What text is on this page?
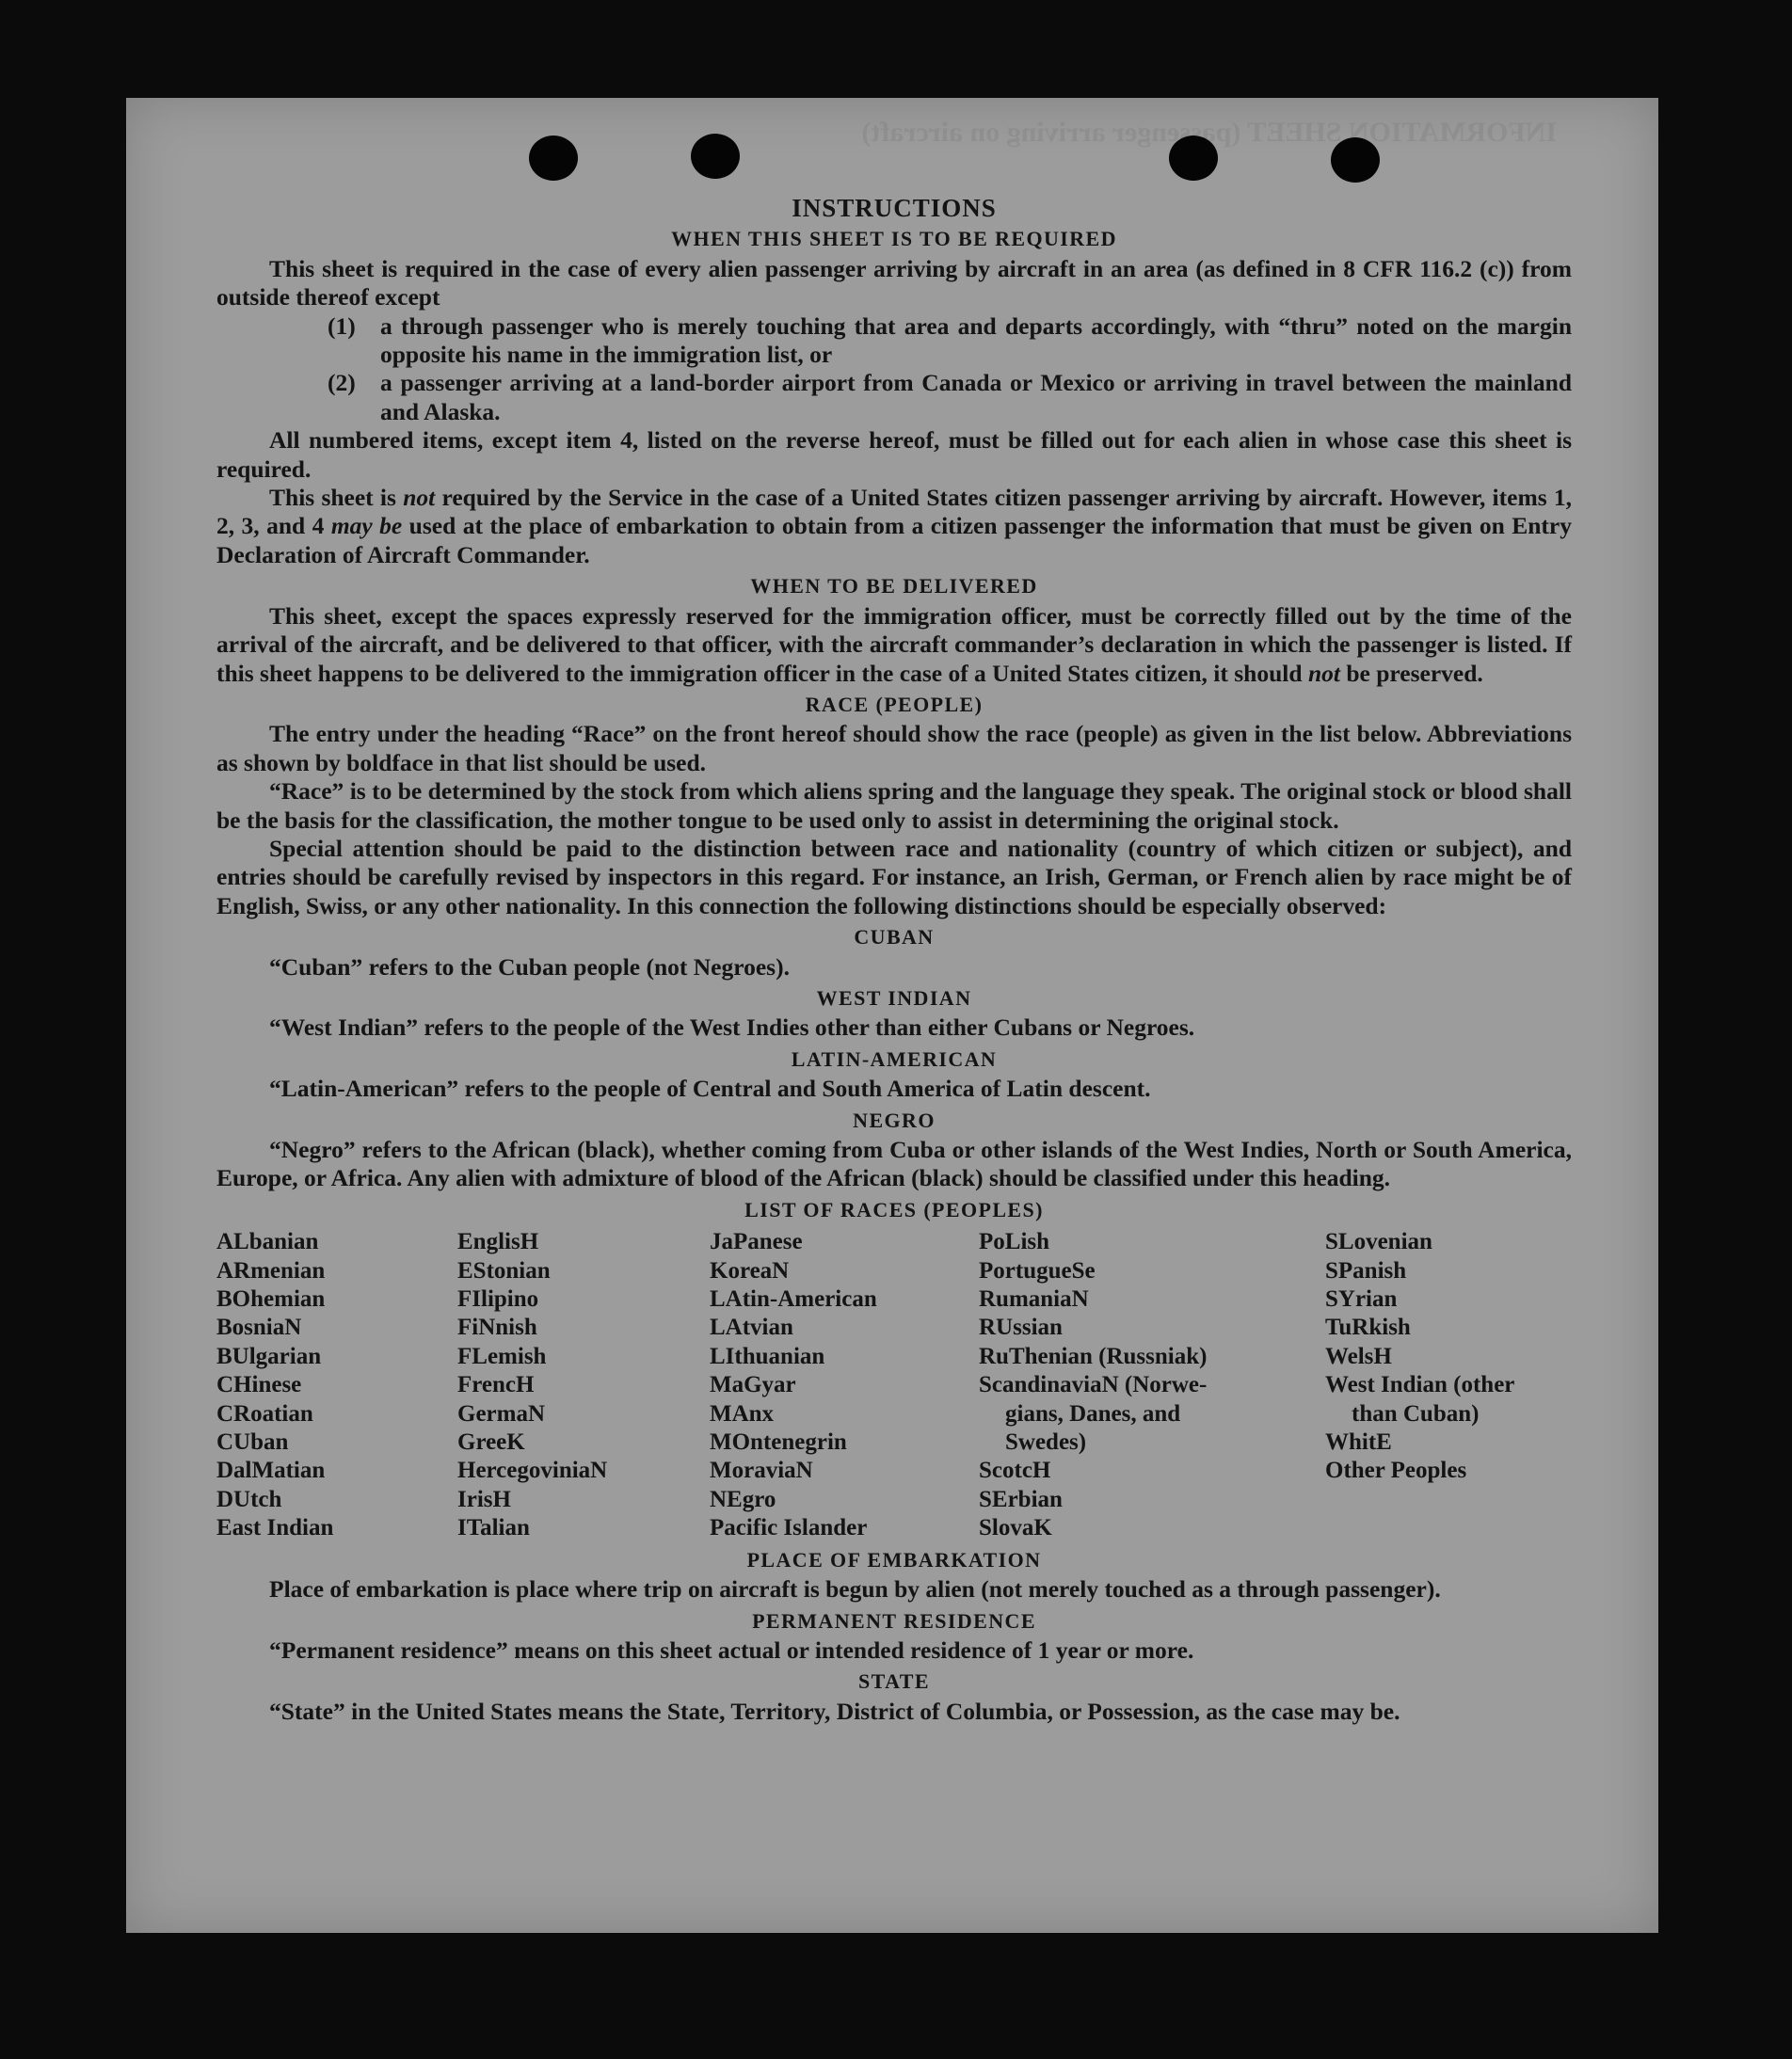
INFORMATION SHEET (passenger arriving on aircraft)
INSTRUCTIONS
WHEN THIS SHEET IS TO BE REQUIRED

This sheet is required in the case of every alien passenger arriving by aircraft in an area (as defined in 8 CFR 116.2 (c)) from outside thereof except

(1)	a through passenger who is merely touching that area and departs accordingly, with “thru” noted on the margin opposite his name in the immigration list, or
(2)	a passenger arriving at a land-border airport from Canada or Mexico or arriving in travel between the mainland and Alaska.

All numbered items, except item 4, listed on the reverse hereof, must be filled out for each alien in whose case this sheet is required.

This sheet is not required by the Service in the case of a United States citizen passenger arriving by aircraft. However, items 1, 2, 3, and 4 may be used at the place of embarkation to obtain from a citizen passenger the information that must be given on Entry Declaration of Aircraft Commander.

WHEN TO BE DELIVERED

This sheet, except the spaces expressly reserved for the immigration officer, must be correctly filled out by the time of the arrival of the aircraft, and be delivered to that officer, with the aircraft commander’s declaration in which the passenger is listed. If this sheet happens to be delivered to the immigration officer in the case of a United States citizen, it should not be preserved.

RACE (PEOPLE)

The entry under the heading “Race” on the front hereof should show the race (people) as given in the list below. Abbreviations as shown by boldface in that list should be used.

“Race” is to be determined by the stock from which aliens spring and the language they speak. The original stock or blood shall be the basis for the classification, the mother tongue to be used only to assist in determining the original stock.

Special attention should be paid to the distinction between race and nationality (country of which citizen or subject), and entries should be carefully revised by inspectors in this regard. For instance, an Irish, German, or French alien by race might be of English, Swiss, or any other nationality. In this connection the following distinctions should be especially observed:

CUBAN

“Cuban” refers to the Cuban people (not Negroes).

WEST INDIAN

“West Indian” refers to the people of the West Indies other than either Cubans or Negroes.

LATIN-AMERICAN

“Latin-American” refers to the people of Central and South America of Latin descent.

NEGRO

“Negro” refers to the African (black), whether coming from Cuba or other islands of the West Indies, North or South America, Europe, or Africa. Any alien with admixture of blood of the African (black) should be classified under this heading.

LIST OF RACES (PEOPLES)
ALbanian
ARmenian
BOhemian
BosniaN
BUlgarian
CHinese
CRoatian
CUban
DalMatian
DUtch
East Indian
EnglisH
EStonian
FIlipino
FiNnish
FLemish
FrencH
GermaN
GreeK
HercegoviniaN
IrisH
ITalian
JaPanese
KoreaN
LAtin-American
LAtvian
LIthuanian
MaGyar
MAnx
MOntenegrin
MoraviaN
NEgro
Pacific Islander
PoLish
PortugueSe
RumaniaN
RUssian
RuThenian (Russniak)
ScandinaviaN (Norwe-
gians, Danes, and
Swedes)
ScotcH
SErbian
SlovaK
SLovenian
SPanish
SYrian
TuRkish
WelsH
West Indian (other
than Cuban)
WhitE
Other Peoples
PLACE OF EMBARKATION

Place of embarkation is place where trip on aircraft is begun by alien (not merely touched as a through passenger).

PERMANENT RESIDENCE

“Permanent residence” means on this sheet actual or intended residence of 1 year or more.

STATE

“State” in the United States means the State, Territory, District of Columbia, or Possession, as the case may be.
